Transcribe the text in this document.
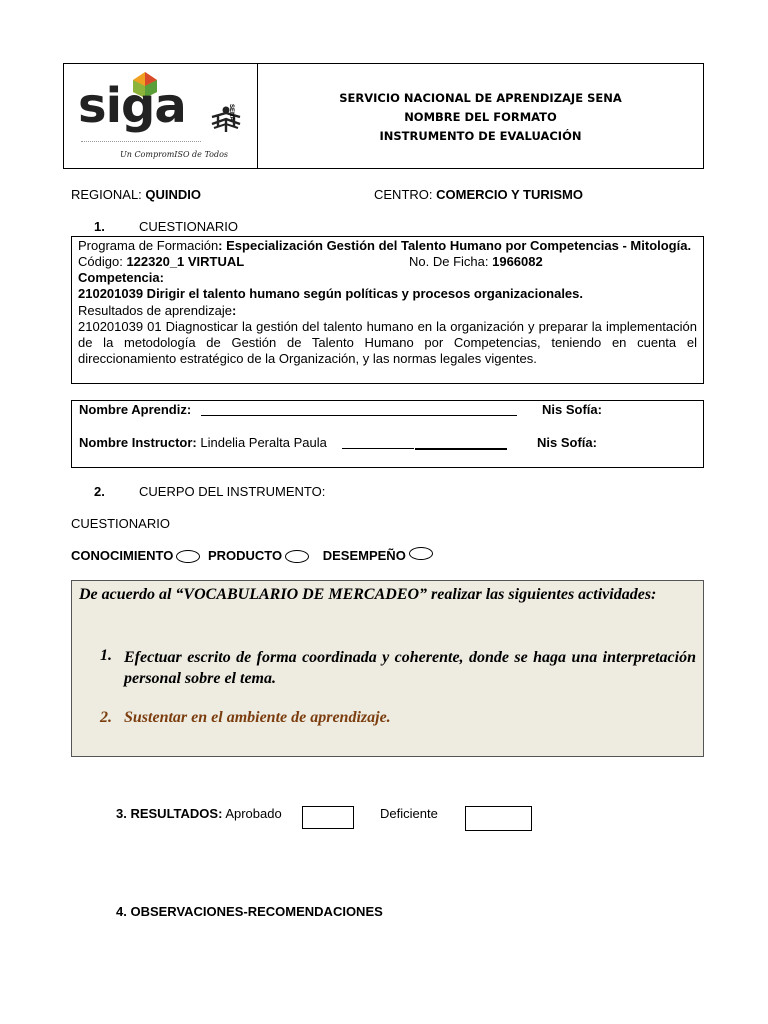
siga
Un CompromISO de Todos
SENA
SERVICIO NACIONAL DE APRENDIZAJE SENA
NOMBRE DEL FORMATO
INSTRUMENTO DE EVALUACIÓN
REGIONAL: QUINDIO	CENTRO: COMERCIO Y TURISMO
1.	CUESTIONARIO
Programa de Formación: Especialización Gestión del Talento Humano por Competencias - Mitología.
Código: 122320_1 VIRTUAL	No. De Ficha: 1966082
Competencia:
210201039 Dirigir el talento humano según políticas y procesos organizacionales.
Resultados de aprendizaje:
210201039 01 Diagnosticar la gestión del talento humano en la organización y preparar la implementación de la metodología de Gestión de Talento Humano por Competencias, teniendo en cuenta el direccionamiento estratégico de la Organización, y las normas legales vigentes.
Nombre Aprendiz:	Nis Sofía:
Nombre Instructor: Lindelia Peralta Paula	Nis Sofía:
2.	CUERPO DEL INSTRUMENTO:
CUESTIONARIO
CONOCIMIENTO	PRODUCTO	DESEMPEÑO
De acuerdo al “VOCABULARIO DE MERCADEO” realizar las siguientes actividades:
1. Efectuar escrito de forma coordinada y coherente, donde se haga una interpretación personal sobre el tema.
2. Sustentar en el ambiente de aprendizaje.
3. RESULTADOS: Aprobado	Deficiente
4. OBSERVACIONES-RECOMENDACIONES
